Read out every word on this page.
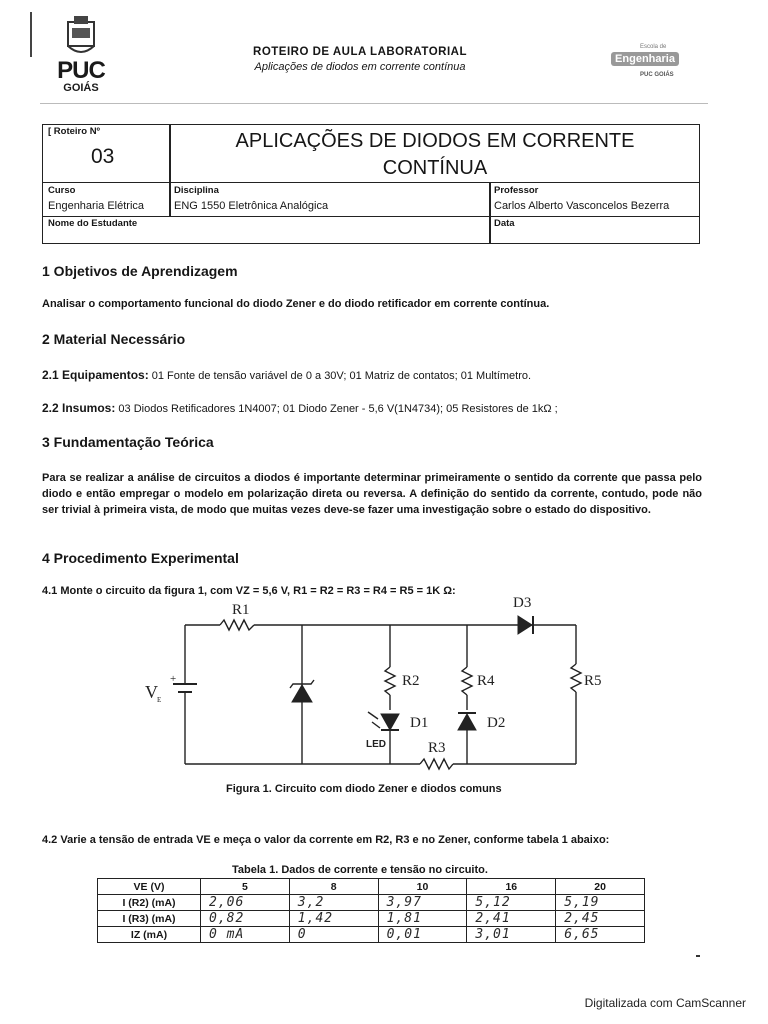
PUC
GOIÁS
ROTEIRO DE AULA LABORATORIAL
Aplicações de diodos em corrente contínua
Engenharia
Escola de
PUC GOIÁS
[ Roteiro Nº
03
APLICAÇÕES DE DIODOS EM CORRENTE
CONTÍNUA
Curso
Engenharia Elétrica
Disciplina
ENG 1550 Eletrônica Analógica
Professor
Carlos Alberto Vasconcelos Bezerra
Nome do Estudante	Data
1 Objetivos de Aprendizagem
Analisar o comportamento funcional do diodo Zener e do diodo retificador em corrente contínua.
2 Material Necessário
2.1 Equipamentos: 01 Fonte de tensão variável de 0 a 30V; 01 Matriz de contatos; 01 Multímetro.
2.2 Insumos: 03 Diodos Retificadores 1N4007; 01 Diodo Zener - 5,6 V(1N4734); 05 Resistores de 1kΩ ;
3 Fundamentação Teórica
Para se realizar a análise de circuitos a diodos é importante determinar primeiramente o sentido da corrente que passa pelo diodo e então empregar o modelo em polarização direta ou reversa. A definição do sentido da corrente, contudo, pode não ser trivial à primeira vista, de modo que muitas vezes deve-se fazer uma investigação sobre o estado do dispositivo.
4 Procedimento Experimental
4.1 Monte o circuito da figura 1, com VZ = 5,6 V, R1 = R2 = R3 = R4 = R5 = 1K Ω:
R1
R2	R4	R5
R3
D1	D2
D3
V E
+
LED
Figura 1. Circuito com diodo Zener e diodos comuns
4.2 Varie a tensão de entrada VE e meça o valor da corrente em R2, R3 e no Zener, conforme tabela 1 abaixo:
Tabela 1. Dados de corrente e tensão no circuito.
VE (V)	5	8	10	16	20
I (R2) (mA)	2,06	3,2	3,97	5,12	5,19
I (R3) (mA)	0,82	1,42	1,81	2,41	2,45
IZ (mA)	0 mA	0	0,01	3,01	6,65
Digitalizada com CamScanner
